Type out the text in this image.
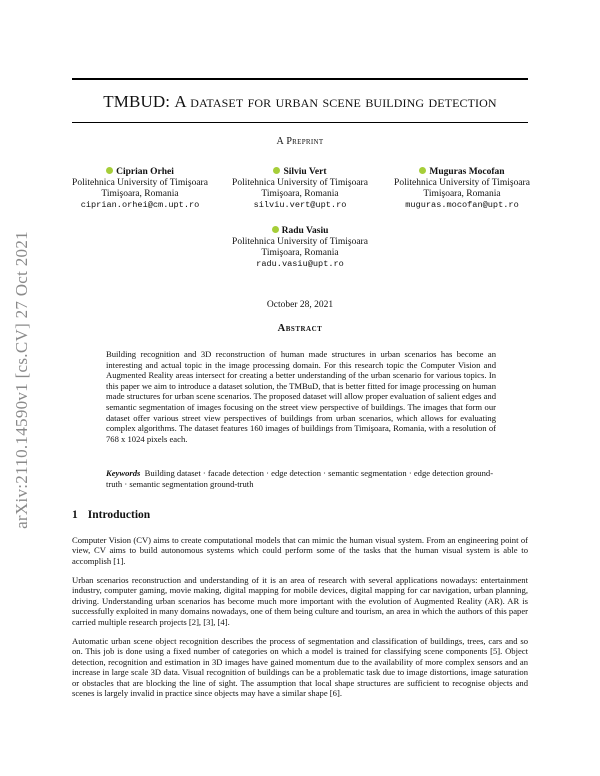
arXiv:2110.14590v1 [cs.CV] 27 Oct 2021
TMBUD: A dataset for urban scene building detection
A Preprint
Ciprian Orhei
Politehnica University of Timişoara
Timişoara, Romania
ciprian.orhei@cm.upt.ro
Silviu Vert
Politehnica University of Timişoara
Timişoara, Romania
silviu.vert@upt.ro
Muguras Mocofan
Politehnica University of Timişoara
Timişoara, Romania
muguras.mocofan@upt.ro
Radu Vasiu
Politehnica University of Timişoara
Timişoara, Romania
radu.vasiu@upt.ro
October 28, 2021
Abstract

Building recognition and 3D reconstruction of human made structures in urban scenarios has become an interesting and actual topic in the image processing domain. For this research topic the Computer Vision and Augmented Reality areas intersect for creating a better understanding of the urban scenario for various topics. In this paper we aim to introduce a dataset solution, the TMBuD, that is better fitted for image processing on human made structures for urban scene scenarios. The proposed dataset will allow proper evaluation of salient edges and semantic segmentation of images focusing on the street view perspective of buildings. The images that form our dataset offer various street view perspectives of buildings from urban scenarios, which allows for evaluating complex algorithms. The dataset features 160 images of buildings from Timişoara, Romania, with a resolution of 768 x 1024 pixels each.

Keywords Building dataset · facade detection · edge detection · semantic segmentation · edge detection ground-truth · semantic segmentation ground-truth

1 Introduction

Computer Vision (CV) aims to create computational models that can mimic the human visual system. From an engineering point of view, CV aims to build autonomous systems which could perform some of the tasks that the human visual system is able to accomplish [1].

Urban scenarios reconstruction and understanding of it is an area of research with several applications nowadays: entertainment industry, computer gaming, movie making, digital mapping for mobile devices, digital mapping for car navigation, urban planning, driving. Understanding urban scenarios has become much more important with the evolution of Augmented Reality (AR). AR is successfully exploited in many domains nowadays, one of them being culture and tourism, an area in which the authors of this paper carried multiple research projects [2], [3], [4].

Automatic urban scene object recognition describes the process of segmentation and classification of buildings, trees, cars and so on. This job is done using a fixed number of categories on which a model is trained for classifying scene components [5]. Object detection, recognition and estimation in 3D images have gained momentum due to the availability of more complex sensors and an increase in large scale 3D data. Visual recognition of buildings can be a problematic task due to image distortions, image saturation or obstacles that are blocking the line of sight. The assumption that local shape structures are sufficient to recognise objects and scenes is largely invalid in practice since objects may have a similar shape [6].
